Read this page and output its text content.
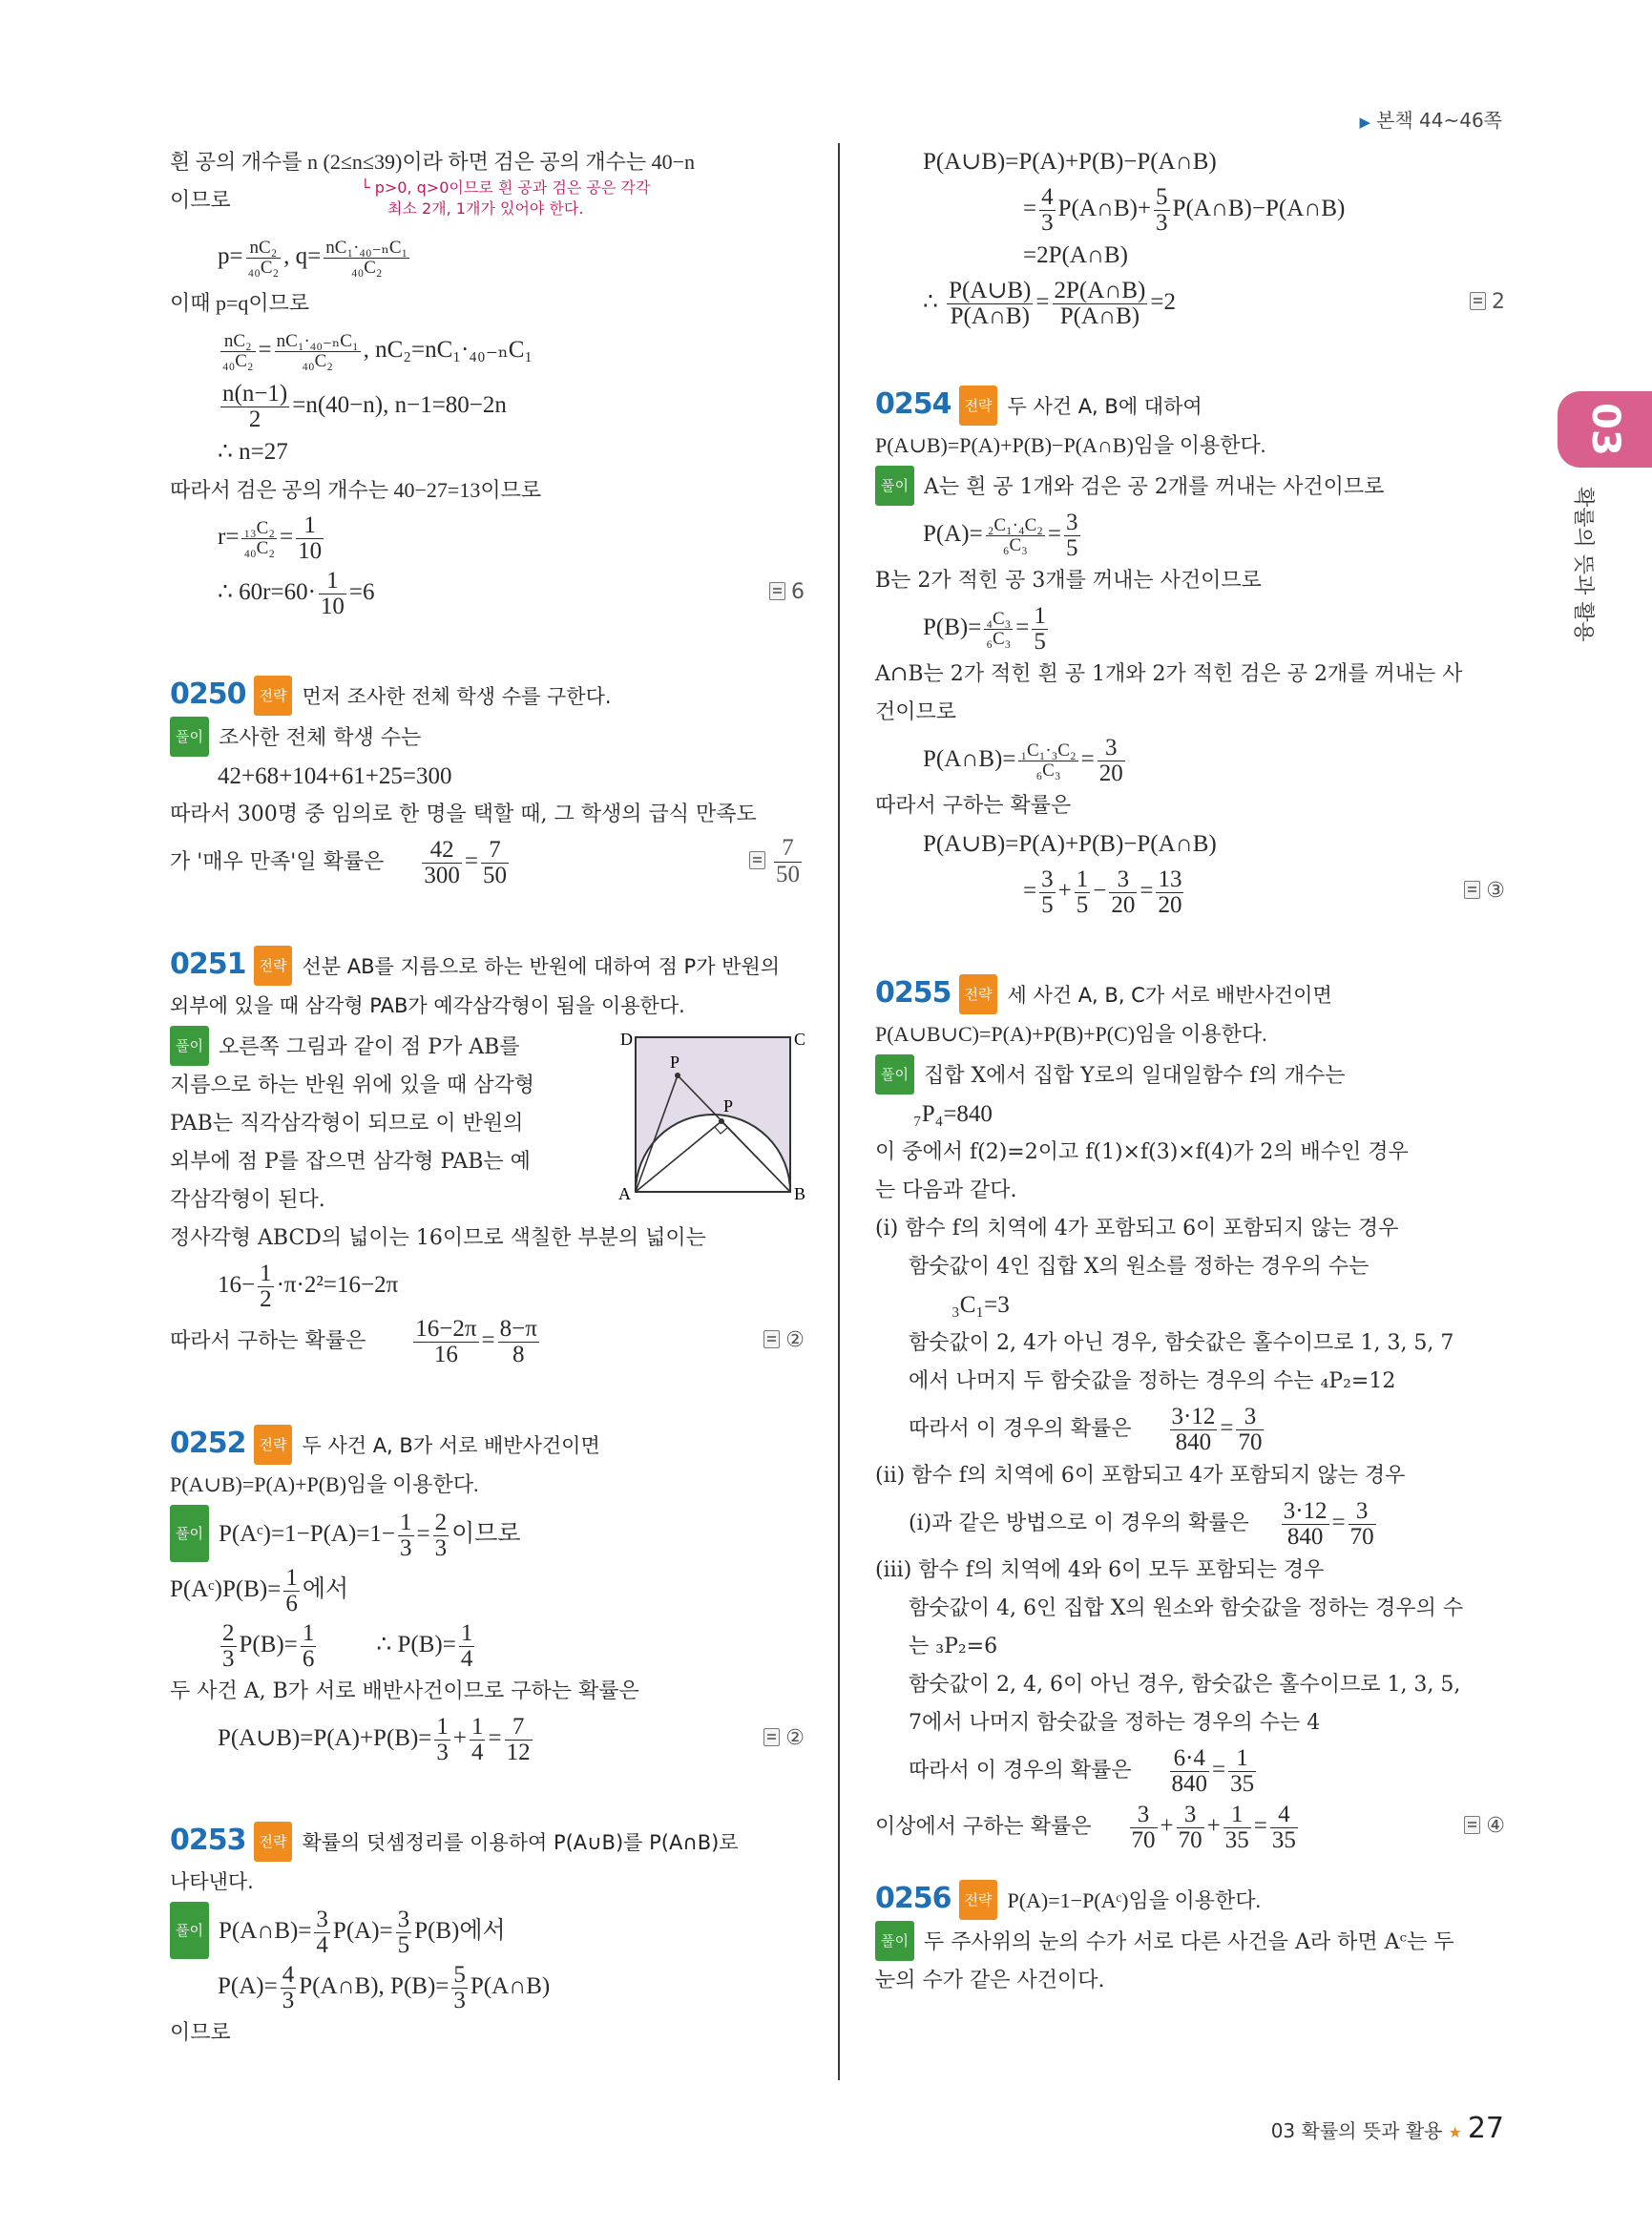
▶ 본책 44~46쪽
03
확률의 뜻과 활용
흰 공의 개수를 n (2≤n≤39)이라 하면 검은 공의 개수는 40−n
이므로
└ p>0, q>0이므로 흰 공과 검은 공은 각각
최소 2개, 1개가 있어야 한다.
$p= \frac{\text{nC₂}}{\text{₄₀C₂}}$ , $q= \frac{\text{nC₁·₄₀₋ₙC₁}}{\text{₄₀C₂}}$
이때 p=q이므로
$\frac{\text{nC₂}}{\text{₄₀C₂}} = \frac{\text{nC₁·₄₀₋ₙC₁}}{\text{₄₀C₂}}$ , nC₂=nC₁·₄₀₋ₙC₁
$\frac{n(n-1)}{2} =n(40-n)$, n−1=80−2n
∴ n=27
따라서 검은 공의 개수는 40−27=13이므로
$r= \frac{\text{₁₃C₂}}{\text{₄₀C₂}} = \frac{1}{10}$
∴ $60r=60\cdot \frac{1}{10} =6$	6
0250 전략 먼저 조사한 전체 학생 수를 구한다.
풀이 조사한 전체 학생 수는
42+68+104+61+25=300
따라서 300명 중 임의로 한 명을 택할 때, 그 학생의 급식 만족도
가 '매우 만족'일 확률은 $\frac{42}{300} = \frac{7}{50}$	$\frac{7}{50}$
0251 전략 선분 AB를 지름으로 하는 반원에 대하여 점 P가 반원의
외부에 있을 때 삼각형 PAB가 예각삼각형이 됨을 이용한다.
풀이 오른쪽 그림과 같이 점 P가 AB를
지름으로 하는 반원 위에 있을 때 삼각형
PAB는 직각삼각형이 되므로 이 반원의
외부에 점 P를 잡으면 삼각형 PAB는 예
각삼각형이 된다.
D	C
A	B
P
P
정사각형 ABCD의 넓이는 16이므로 색칠한 부분의 넓이는
$16- \frac{1}{2} \cdot\pi\cdot 2^2=16-2\pi$
따라서 구하는 확률은 $\frac{16-2\pi}{16} = \frac{8-\pi}{8}$	②
0252 전략 두 사건 A, B가 서로 배반사건이면
P(A∪B)=P(A)+P(B)임을 이용한다.
풀이 P(Aᶜ)=1−P(A)=1− $\frac{1}{3} = \frac{2}{3}$ 이므로
P(Aᶜ)P(B)= $\frac{1}{6}$ 에서
$\frac{2}{3} P(B)= \frac{1}{6}$	∴ $P(B)= \frac{1}{4}$
두 사건 A, B가 서로 배반사건이므로 구하는 확률은
P(A∪B)=P(A)+P(B)= $\frac{1}{3} + \frac{1}{4} = \frac{7}{12}$	②
0253 전략 확률의 덧셈정리를 이용하여 P(A∪B)를 P(A∩B)로
나타낸다.
풀이 P(A∩B)= $\frac{3}{4} P(A)= \frac{3}{5} P(B)$에서
$P(A)= \frac{4}{3}$ P(A∩B), $P(B)= \frac{5}{3}$ P(A∩B)
이므로
P(A∪B)=P(A)+P(B)−P(A∩B)
= $\frac{4}{3}$ P(A∩B)+ $\frac{5}{3}$ P(A∩B)−P(A∩B)
=2P(A∩B)
∴ $\frac{P(A\cup B)}{P(A\cap B)} = \frac{2P(A\cap B)}{P(A\cap B)} =2$	2
0254 전략 두 사건 A, B에 대하여
P(A∪B)=P(A)+P(B)−P(A∩B)임을 이용한다.
풀이 A는 흰 공 1개와 검은 공 2개를 꺼내는 사건이므로
$P(A)= \frac{\text{₂C₁·₄C₂}}{\text{₆C₃}} = \frac{3}{5}$
B는 2가 적힌 공 3개를 꺼내는 사건이므로
$P(B)= \frac{\text{₄C₃}}{\text{₆C₃}} = \frac{1}{5}$
A∩B는 2가 적힌 흰 공 1개와 2가 적힌 검은 공 2개를 꺼내는 사
건이므로
P(A∩B)= $\frac{\text{₁C₁·₃C₂}}{\text{₆C₃}} = \frac{3}{20}$
따라서 구하는 확률은
P(A∪B)=P(A)+P(B)−P(A∩B)
= $\frac{3}{5} + \frac{1}{5} - \frac{3}{20} = \frac{13}{20}$	③
0255 전략 세 사건 A, B, C가 서로 배반사건이면
P(A∪B∪C)=P(A)+P(B)+P(C)임을 이용한다.
풀이 집합 X에서 집합 Y로의 일대일함수 f의 개수는
₇P₄=840
이 중에서 f(2)=2이고 f(1)×f(3)×f(4)가 2의 배수인 경우
는 다음과 같다.
(i) 함수 f의 치역에 4가 포함되고 6이 포함되지 않는 경우
함숫값이 4인 집합 X의 원소를 정하는 경우의 수는
₃C₁=3
함숫값이 2, 4가 아닌 경우, 함숫값은 홀수이므로 1, 3, 5, 7
에서 나머지 두 함숫값을 정하는 경우의 수는 ₄P₂=12
따라서 이 경우의 확률은 $\frac{3\cdot 12}{840} = \frac{3}{70}$
(ii) 함수 f의 치역에 6이 포함되고 4가 포함되지 않는 경우
(i)과 같은 방법으로 이 경우의 확률은 $\frac{3\cdot 12}{840} = \frac{3}{70}$
(iii) 함수 f의 치역에 4와 6이 모두 포함되는 경우
함숫값이 4, 6인 집합 X의 원소와 함숫값을 정하는 경우의 수
는 ₃P₂=6
함숫값이 2, 4, 6이 아닌 경우, 함숫값은 홀수이므로 1, 3, 5,
7에서 나머지 함숫값을 정하는 경우의 수는 4
따라서 이 경우의 확률은 $\frac{6\cdot 4}{840} = \frac{1}{35}$
이상에서 구하는 확률은 $\frac{3}{70} + \frac{3}{70} + \frac{1}{35} = \frac{4}{35}$	④
0256 전략 P(A)=1−P(Aᶜ)임을 이용한다.
풀이 두 주사위의 눈의 수가 서로 다른 사건을 A라 하면 Aᶜ는 두
눈의 수가 같은 사건이다.
03 확률의 뜻과 활용 ★ 27
